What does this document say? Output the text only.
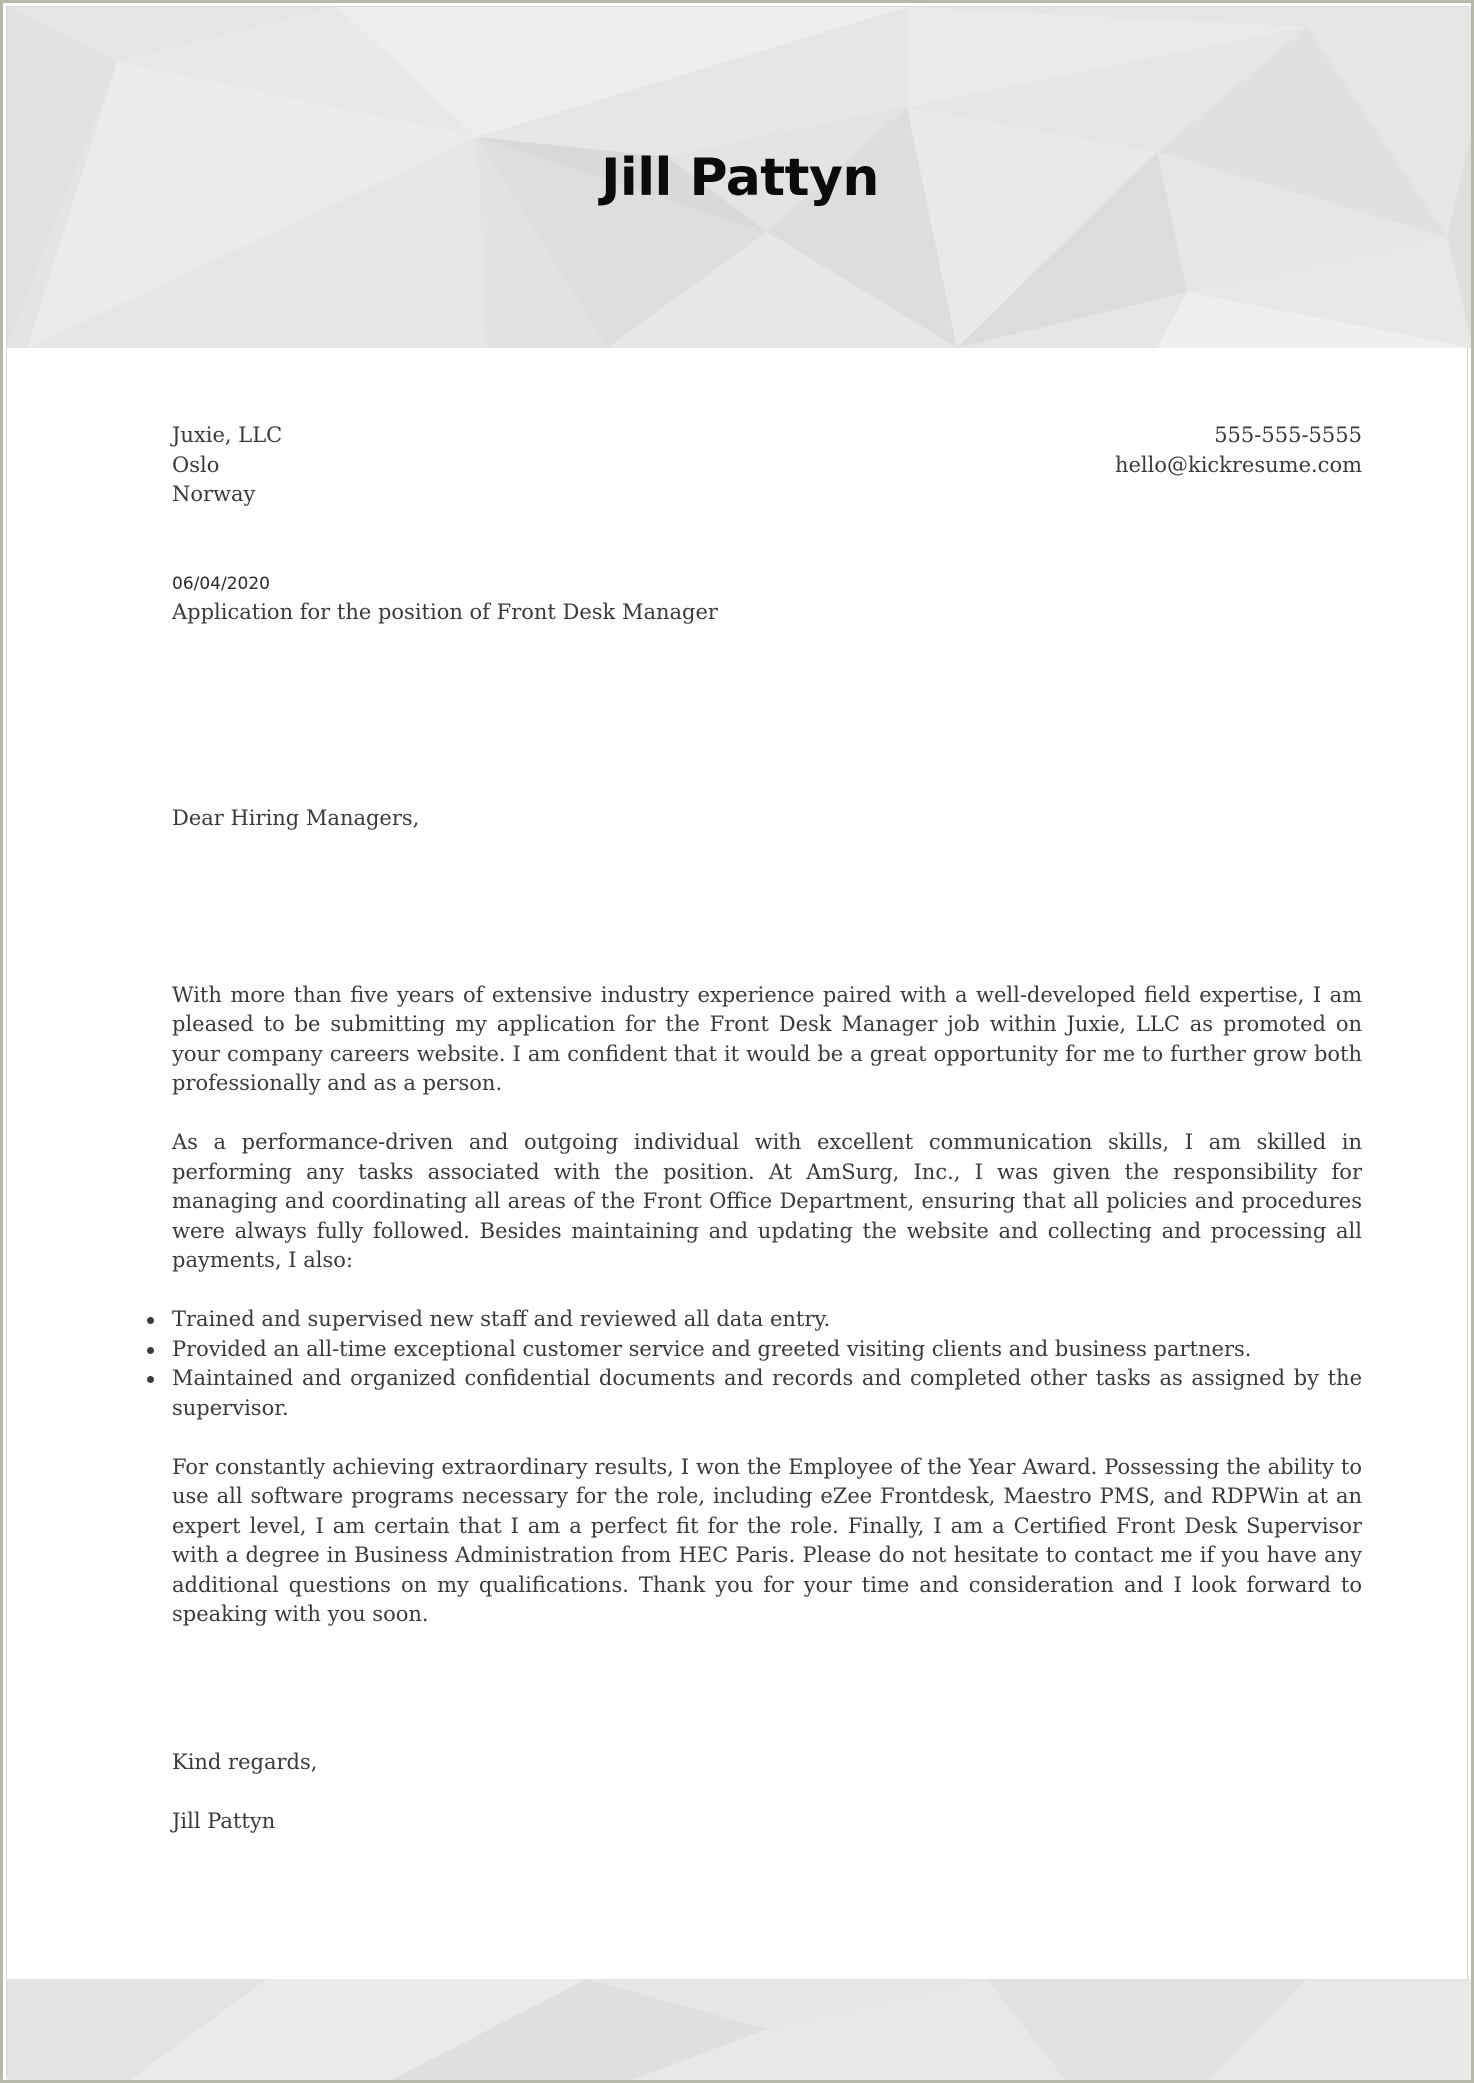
Jill Pattyn
Juxie, LLC
Oslo
Norway
555-555-5555
hello@kickresume.com
06/04/2020
Application for the position of Front Desk Manager
Dear Hiring Managers,

With more than five years of extensive industry experience paired with a well-developed field expertise, I am pleased to be submitting my application for the Front Desk Manager job within Juxie, LLC as promoted on your company careers website. I am confident that it would be a great opportunity for me to further grow both professionally and as a person.

As a performance-driven and outgoing individual with excellent communication skills, I am skilled in performing any tasks associated with the position. At AmSurg, Inc., I was given the responsibility for managing and coordinating all areas of the Front Office Department, ensuring that all policies and procedures were always fully followed. Besides maintaining and updating the website and collecting and processing all payments, I also:

Trained and supervised new staff and reviewed all data entry.
Provided an all-time exceptional customer service and greeted visiting clients and business partners.
Maintained and organized confidential documents and records and completed other tasks as assigned by the supervisor.

For constantly achieving extraordinary results, I won the Employee of the Year Award. Possessing the ability to use all software programs necessary for the role, including eZee Frontdesk, Maestro PMS, and RDPWin at an expert level, I am certain that I am a perfect fit for the role. Finally, I am a Certified Front Desk Supervisor with a degree in Business Administration from HEC Paris. Please do not hesitate to contact me if you have any additional questions on my qualifications. Thank you for your time and consideration and I look forward to speaking with you soon.

Kind regards,
Jill Pattyn
